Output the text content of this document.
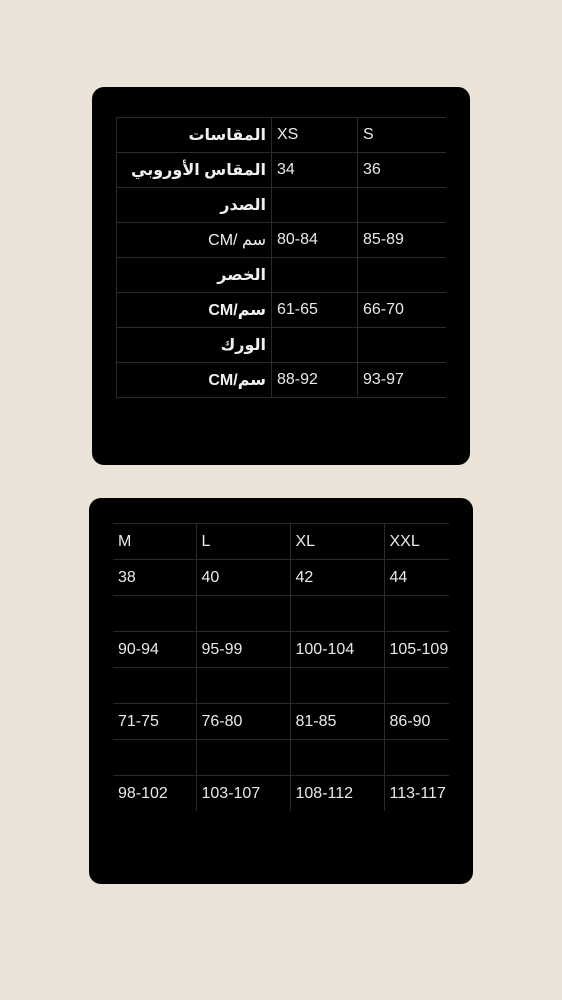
المقاسات	XS	S
المقاس الأوروبي	34	36
الصدر		
سم /CM	80-84	85-89
الخصر		
سم/CM	61-65	66-70
الورك		
سم/CM	88-92	93-97
M	L	XL	XXL
38	40	42	44

90-94	95-99	100-104	105-109

71-75	76-80	81-85	86-90

98-102	103-107	108-112	113-117
